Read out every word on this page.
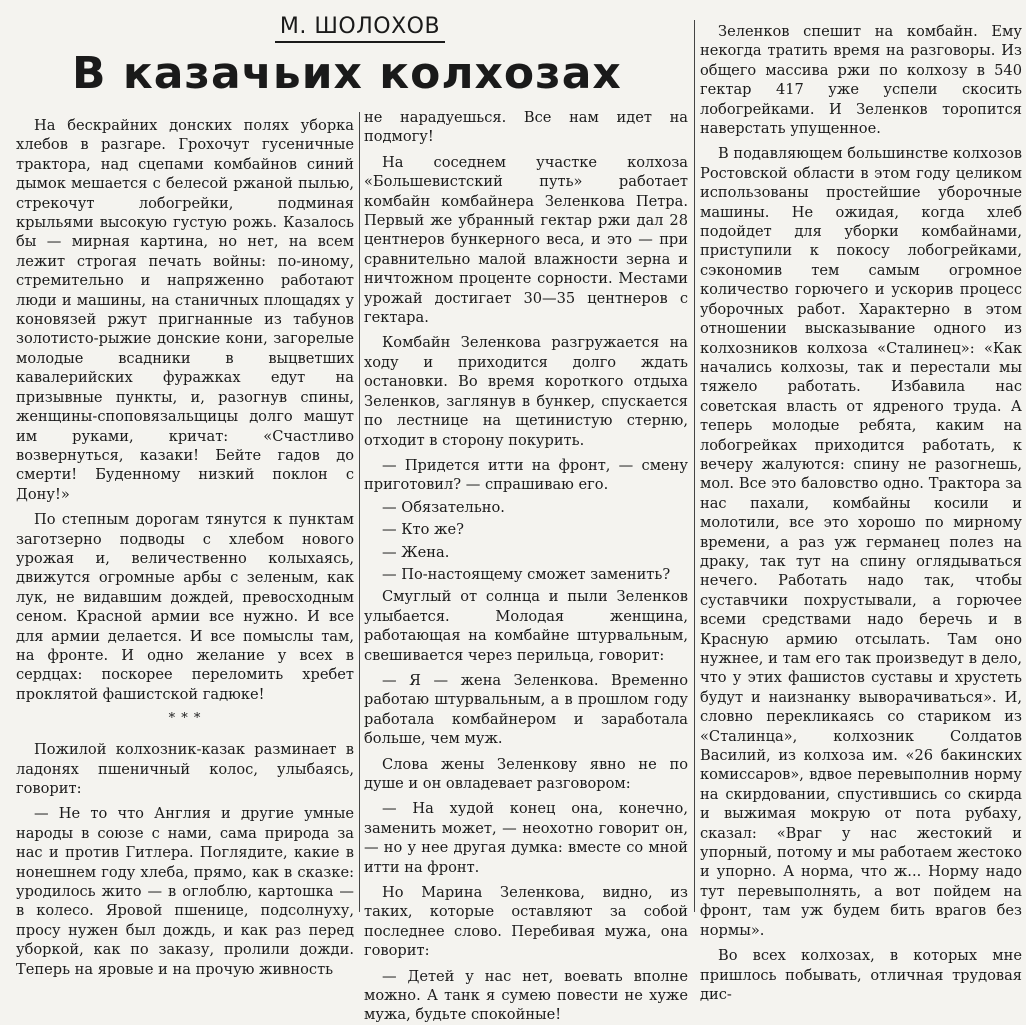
М. ШОЛОХОВ
В казачьих колхозах

На бескрайних донских полях уборка хлебов в разгаре. Грохочут гусеничные трактора, над сцепами комбайнов синий дымок мешается с белесой ржаной пылью, стрекочут лобогрейки, подминая крыльями высокую густую рожь. Казалось бы — мирная картина, но нет, на всем лежит строгая печать войны: по-иному, стремительно и напряженно работают люди и машины, на станичных площадях у коновязей ржут пригнанные из табунов золотисто-рыжие донские кони, загорелые молодые всадники в выцветших кавалерийских фуражках едут на призывные пункты, и, разогнув спины, женщины-споповязальщицы долго машут им руками, кричат: «Счастливо возвернуться, казаки! Бейте гадов до смерти! Буденному низкий поклон с Дону!»

По степным дорогам тянутся к пунктам заготзерно подводы с хлебом нового урожая и, величественно колыхаясь, движутся огромные арбы с зеленым, как лук, не видавшим дождей, превосходным сеном. Красной армии все нужно. И все для армии делается. И все помыслы там, на фронте. И одно желание у всех в сердцах: поскорее переломить хребет проклятой фашистской гадюке!

* * *

Пожилой колхозник-казак разминает в ладонях пшеничный колос, улыбаясь, говорит:

— Не то что Англия и другие умные народы в союзе с нами, сама природа за нас и против Гитлера. Поглядите, какие в нонешнем году хлеба, прямо, как в сказке: уродилось жито — в оглоблю, картошка — в колесо. Яровой пшенице, подсолнуху, просу нужен был дождь, и как раз перед уборкой, как по заказу, пролили дожди. Теперь на яровые и на прочую живность

не нарадуешься. Все нам идет на подмогу!

На соседнем участке колхоза «Большевистский путь» работает комбайн комбайнера Зеленкова Петра. Первый же убранный гектар ржи дал 28 центнеров бункерного веса, и это — при сравнительно малой влажности зерна и ничтожном проценте сорности. Местами урожай достигает 30—35 центнеров с гектара.

Комбайн Зеленкова разгружается на ходу и приходится долго ждать остановки. Во время короткого отдыха Зеленков, заглянув в бункер, спускается по лестнице на щетинистую стерню, отходит в сторону покурить.

— Придется итти на фронт, — смену приготовил? — спрашиваю его.

— Обязательно.

— Кто же?

— Жена.

— По-настоящему сможет заменить?

Смуглый от солнца и пыли Зеленков улыбается. Молодая женщина, работающая на комбайне штурвальным, свешивается через перильца, говорит:

— Я — жена Зеленкова. Временно работаю штурвальным, а в прошлом году работала комбайнером и заработала больше, чем муж.

Слова жены Зеленкову явно не по душе и он овладевает разговором:

— На худой конец она, конечно, заменить может, — неохотно говорит он, — но у нее другая думка: вместе со мной итти на фронт.

Но Марина Зеленкова, видно, из таких, которые оставляют за собой последнее слово. Перебивая мужа, она говорит:

— Детей у нас нет, воевать вполне можно. А танк я сумею повести не хуже мужа, будьте спокойные!

Зеленков спешит на комбайн. Ему некогда тратить время на разговоры. Из общего массива ржи по колхозу в 540 гектар 417 уже успели скосить лобогрейками. И Зеленков торопится наверстать упущенное.

В подавляющем большинстве колхозов Ростовской области в этом году целиком использованы простейшие уборочные машины. Не ожидая, когда хлеб подойдет для уборки комбайнами, приступили к покосу лобогрейками, сэкономив тем самым огромное количество горючего и ускорив процесс уборочных работ. Характерно в этом отношении высказывание одного из колхозников колхоза «Сталинец»: «Как начались колхозы, так и перестали мы тяжело работать. Избавила нас советская власть от ядреного труда. А теперь молодые ребята, каким на лобогрейках приходится работать, к вечеру жалуются: спину не разогнешь, мол. Все это баловство одно. Трактора за нас пахали, комбайны косили и молотили, все это хорошо по мирному времени, а раз уж германец полез на драку, так тут на спину оглядываться нечего. Работать надо так, чтобы суставчики похрустывали, а горючее всеми средствами надо беречь и в Красную армию отсылать. Там оно нужнее, и там его так произведут в дело, что у этих фашистов суставы и хрустеть будут и наизнанку выворачиваться». И, словно перекликаясь со стариком из «Сталинца», колхозник Солдатов Василий, из колхоза им. «26 бакинских комиссаров», вдвое перевыполнив норму на скирдовании, спустившись со скирда и выжимая мокрую от пота рубаху, сказал: «Враг у нас жестокий и упорный, потому и мы работаем жестоко и упорно. А норма, что ж... Норму надо тут перевыполнять, а вот пойдем на фронт, там уж будем бить врагов без нормы».

Во всех колхозах, в которых мне пришлось побывать, отличная трудовая дис-
